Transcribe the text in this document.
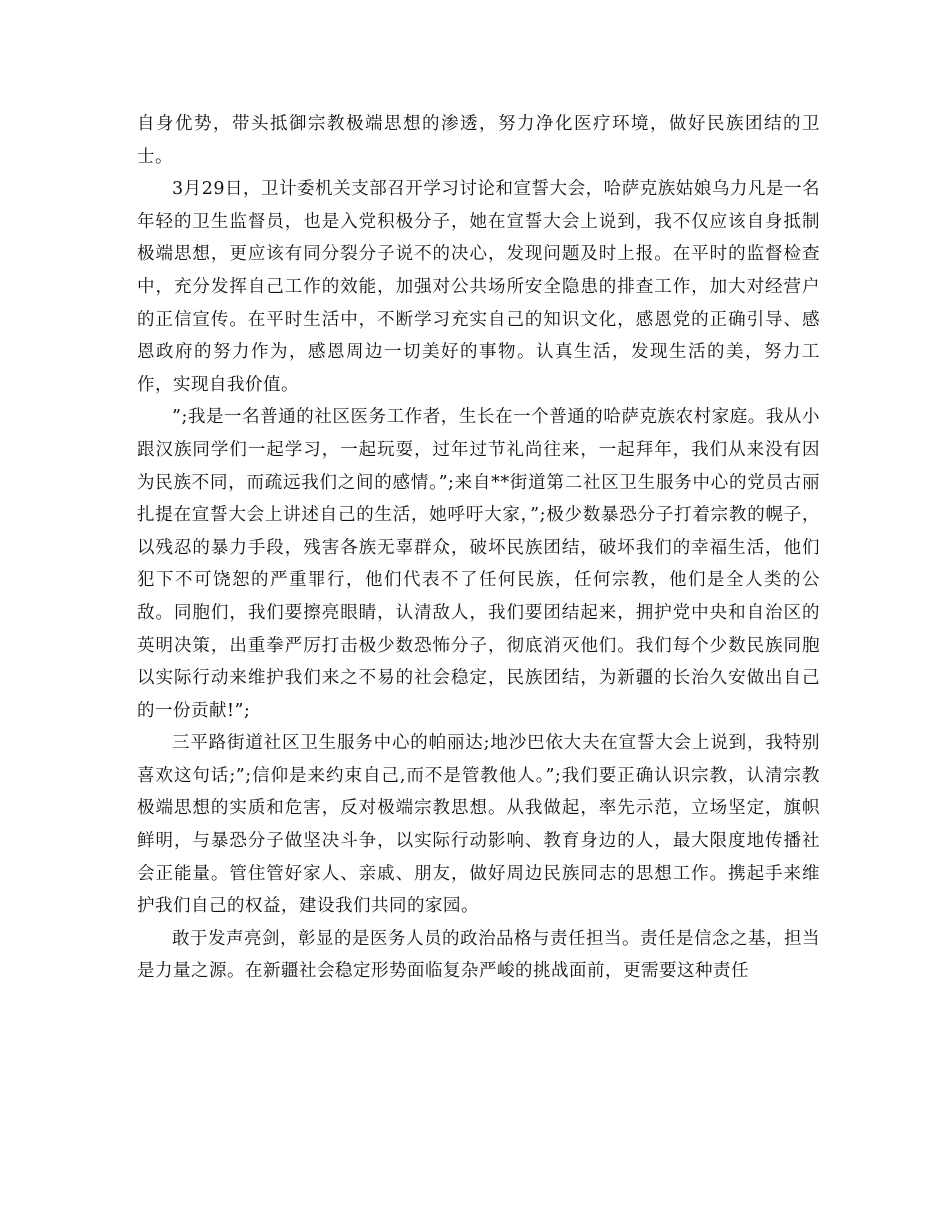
自身优势，带头抵御宗教极端思想的渗透，努力净化医疗环境，做好民族团结的卫士。

3月29日，卫计委机关支部召开学习讨论和宣誓大会，哈萨克族姑娘乌力凡是一名年轻的卫生监督员，也是入党积极分子，她在宣誓大会上说到，我不仅应该自身抵制极端思想，更应该有同分裂分子说不的决心，发现问题及时上报。在平时的监督检查中，充分发挥自己工作的效能，加强对公共场所安全隐患的排查工作，加大对经营户的正信宣传。在平时生活中，不断学习充实自己的知识文化，感恩党的正确引导、感恩政府的努力作为，感恩周边一切美好的事物。认真生活，发现生活的美，努力工作，实现自我价值。

”;我是一名普通的社区医务工作者，生长在一个普通的哈萨克族农村家庭。我从小跟汉族同学们一起学习，一起玩耍，过年过节礼尚往来，一起拜年，我们从来没有因为民族不同，而疏远我们之间的感情。”;来自**街道第二社区卫生服务中心的党员古丽扎提在宣誓大会上讲述自己的生活，她呼吁大家，”;极少数暴恐分子打着宗教的幌子，以残忍的暴力手段，残害各族无辜群众，破坏民族团结，破坏我们的幸福生活，他们犯下不可饶恕的严重罪行，他们代表不了任何民族，任何宗教，他们是全人类的公敌。同胞们，我们要擦亮眼睛，认清敌人，我们要团结起来，拥护党中央和自治区的英明决策，出重拳严厉打击极少数恐怖分子，彻底消灭他们。我们每个少数民族同胞以实际行动来维护我们来之不易的社会稳定，民族团结，为新疆的长治久安做出自己的一份贡献!”;

三平路街道社区卫生服务中心的帕丽达;地沙巴依大夫在宣誓大会上说到，我特别喜欢这句话;”;信仰是来约束自己,而不是管教他人。”;我们要正确认识宗教，认清宗教极端思想的实质和危害，反对极端宗教思想。从我做起，率先示范，立场坚定，旗帜鲜明，与暴恐分子做坚决斗争，以实际行动影响、教育身边的人，最大限度地传播社会正能量。管住管好家人、亲戚、朋友，做好周边民族同志的思想工作。携起手来维护我们自己的权益，建设我们共同的家园。

敢于发声亮剑，彰显的是医务人员的政治品格与责任担当。责任是信念之基，担当是力量之源。在新疆社会稳定形势面临复杂严峻的挑战面前，更需要这种责任
